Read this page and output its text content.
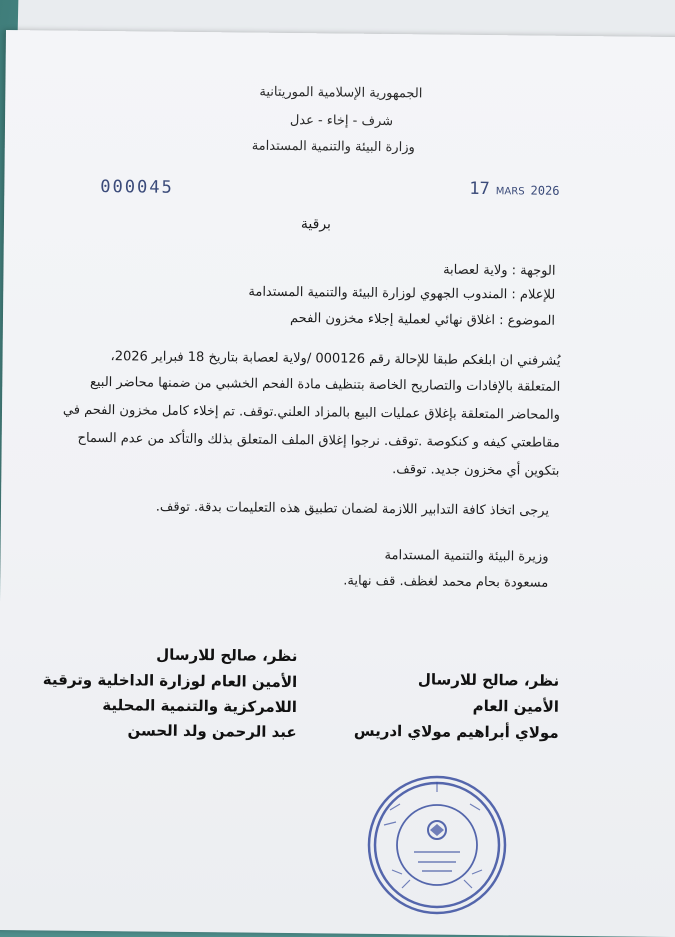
الجمهورية الإسلامية الموريتانية
شرف - إخاء - عدل
وزارة البيئة والتنمية المستدامة
000045	17 MARS 2026
برقية
الوجهة : ولاية لعصابة
للإعلام : المندوب الجهوي لوزارة البيئة والتنمية المستدامة
الموضوع : اغلاق نهائي لعملية إجلاء مخزون الفحم
يُشرفني ان ابلغكم طبقا للإحالة رقم 000126 /ولاية لعصابة بتاريخ 18 فبراير 2026،
المتعلقة بالإفادات والتصاريح الخاصة بتنظيف مادة الفحم الخشبي من ضمنها محاضر البيع
والمحاضر المتعلقة بإغلاق عمليات البيع بالمزاد العلني.توقف. تم إخلاء كامل مخزون الفحم في
مقاطعتي كيفه و كنكوصة .توقف. نرجوا إغلاق الملف المتعلق بذلك والتأكد من عدم السماح
بتكوين أي مخزون جديد. توقف.
يرجى اتخاذ كافة التدابير اللازمة لضمان تطبيق هذه التعليمات بدقة. توقف.
وزيرة البيئة والتنمية المستدامة
مسعودة بحام محمد لغظف. قف نهاية.
نظر، صالح للارسال
الأمين العام لوزارة الداخلية وترقية
اللامركزية والتنمية المحلية
عبد الرحمن ولد الحسن
نظر، صالح للارسال
الأمين العام
مولاي أبراهيم مولاي ادريس
